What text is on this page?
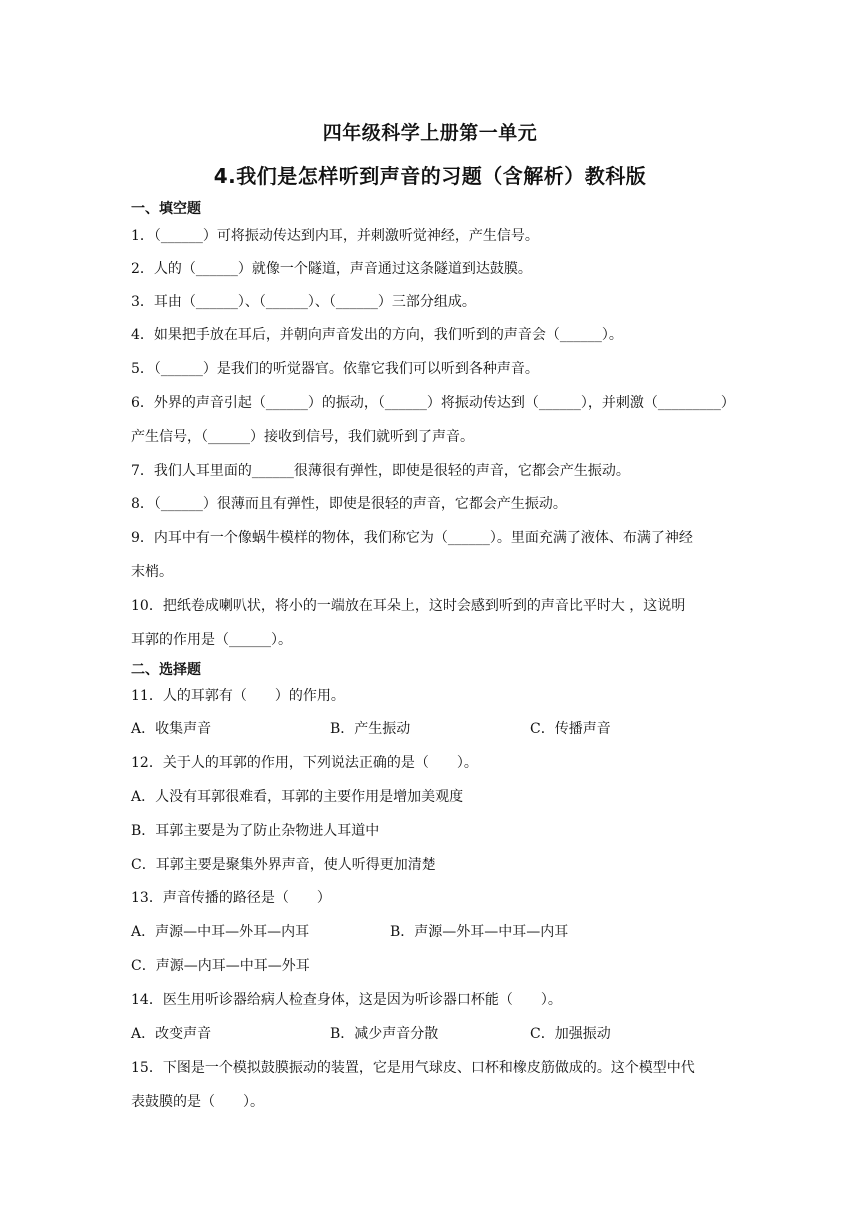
四年级科学上册第一单元
4.我们是怎样听到声音的习题（含解析）教科版
一、填空题
1．（______）可将振动传达到内耳，并刺激听觉神经，产生信号。
2．人的（______）就像一个隧道，声音通过这条隧道到达鼓膜。
3．耳由（______）、（______）、（______）三部分组成。
4．如果把手放在耳后，并朝向声音发出的方向，我们听到的声音会（______）。
5．（______）是我们的听觉器官。依靠它我们可以听到各种声音。
6．外界的声音引起（______）的振动，（______）将振动传达到（______），并刺激（_________）
产生信号，（______）接收到信号，我们就听到了声音。
7．我们人耳里面的______很薄很有弹性，即使是很轻的声音，它都会产生振动。
8．（______）很薄而且有弹性，即使是很轻的声音，它都会产生振动。
9．内耳中有一个像蜗牛模样的物体，我们称它为（______）。里面充满了液体、布满了神经
末梢。
10．把纸卷成喇叭状，将小的一端放在耳朵上，这时会感到听到的声音比平时大 ，这说明
耳郭的作用是（______）。
二、选择题
11．人的耳郭有（　　）的作用。
A．收集声音	B．产生振动	C．传播声音
12．关于人的耳郭的作用，下列说法正确的是（　　）。
A．人没有耳郭很难看，耳郭的主要作用是增加美观度
B．耳郭主要是为了防止杂物进人耳道中
C．耳郭主要是聚集外界声音，使人听得更加清楚
13．声音传播的路径是（　　）
A．声源—中耳—外耳—内耳	B．声源—外耳—中耳—内耳
C．声源—内耳—中耳—外耳
14．医生用听诊器给病人检查身体，这是因为听诊器口杯能（　　）。
A．改变声音	B．减少声音分散	C．加强振动
15．下图是一个模拟鼓膜振动的装置，它是用气球皮、口杯和橡皮筋做成的。这个模型中代
表鼓膜的是（　　）。
